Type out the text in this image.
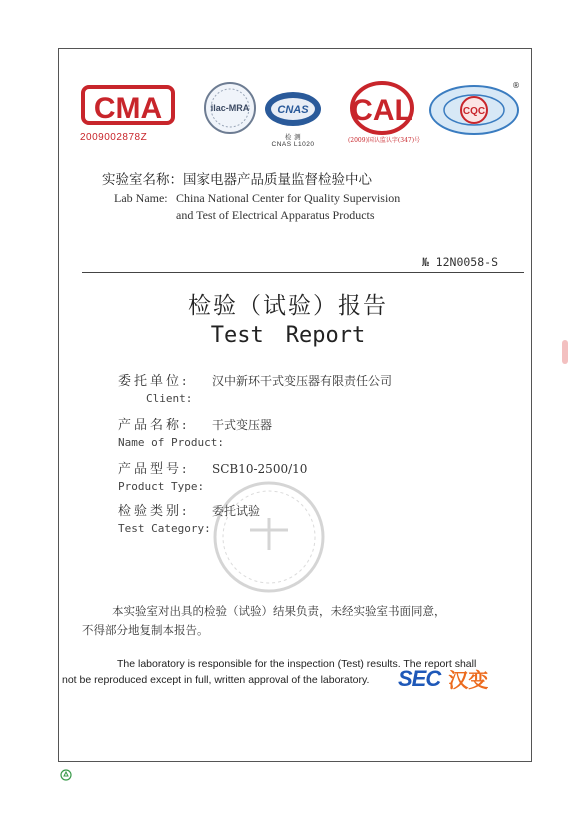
CMA
2009002878Z
ilac-MRA	CNAS
检 测
CNAS L1020
CAL
(2009)国认监认字(347)号
CQC
®
实验室名称：国家电器产品质量监督检验中心
Lab Name: China National Center for Quality Supervision
and Test of Electrical Apparatus Products
№ 12N0058-S
检验（试验）报告
Test　Report
委托单位:	汉中新环干式变压器有限责任公司
Client:
产品名称:	干式变压器
Name of Product:
产品型号:	SCB10-2500/10
Product Type:
检验类别:	委托试验
Test Category:
本实验室对出具的检验（试验）结果负责，未经实验室书面同意，
不得部分地复制本报告。
The laboratory is responsible for the inspection (Test) results. The report shall
not be reproduced except in full, written approval of the laboratory.	SEC 汉变
